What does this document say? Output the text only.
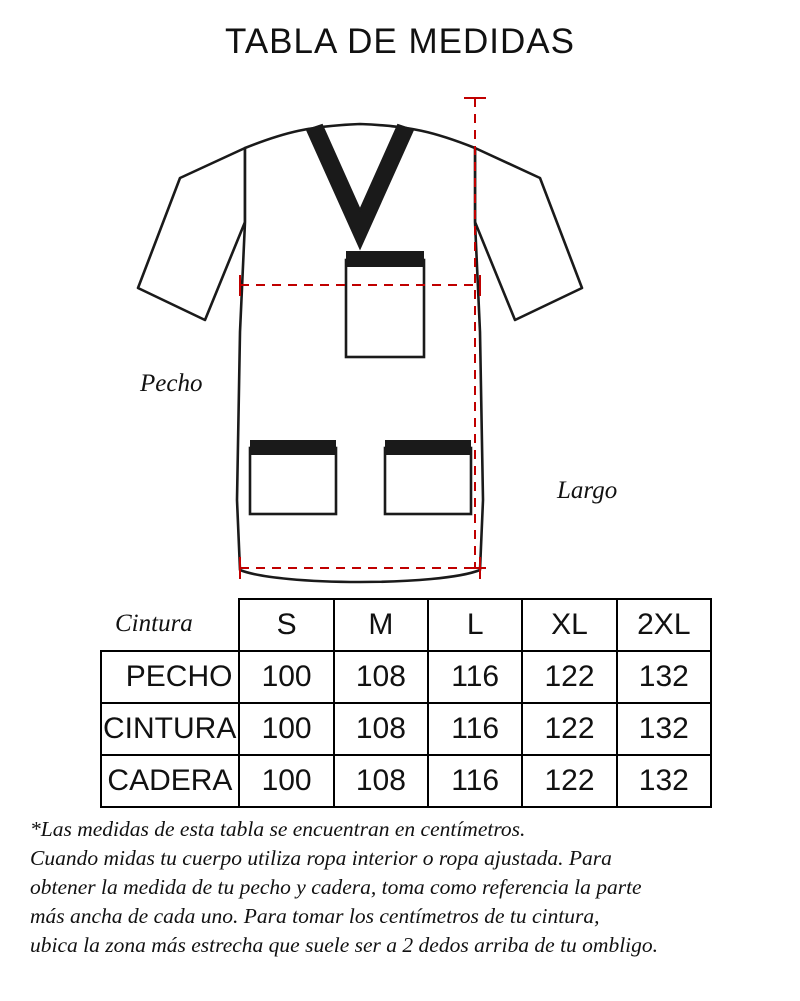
TABLA DE MEDIDAS
Pecho
Largo
Cintura
		S	M	L	XL	2XL
PECHO	100	108	116	122	132
CINTURA	100	108	116	122	132
CADERA	100	108	116	122	132

*Las medidas de esta tabla se encuentran en centímetros.

Cuando midas tu cuerpo utiliza ropa interior o ropa ajustada. Para

obtener la medida de tu pecho y cadera, toma como referencia la parte

más ancha de cada uno. Para tomar los centímetros de tu cintura,

ubica la zona más estrecha que suele ser a 2 dedos arriba de tu ombligo.
